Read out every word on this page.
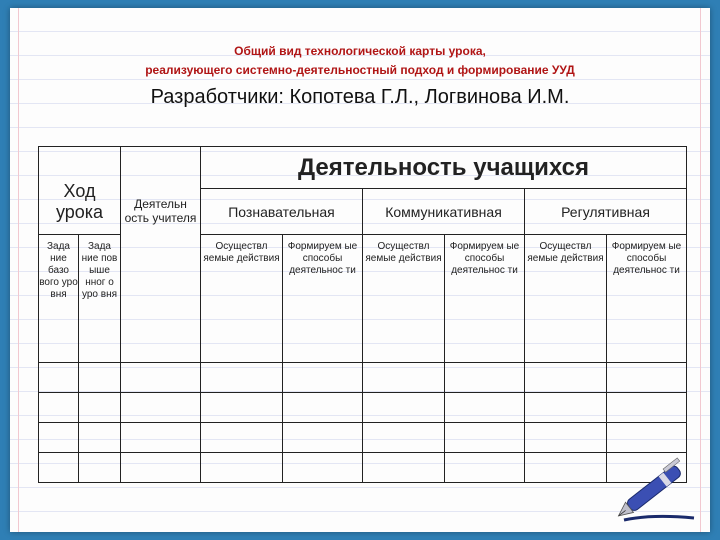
Общий вид технологической карты урока,
реализующего системно-деятельностный подход и формирование УУД
Разработчики: Копотева Г.Л., Логвинова И.М.
Ход урока		Деятельн ость учителя	Деятельность учащихся					
			Познавательная		Коммуникативная		Регулятивная	
Зада ние базо вого уро вня	Зада ние пов ыше нног о уро вня		Осуществл яемые действия	Формируем ые способы деятельнос ти	Осуществл яемые действия	Формируем ые способы деятельнос ти	Осуществл яемые действия	Формируем ые способы деятельнос ти
